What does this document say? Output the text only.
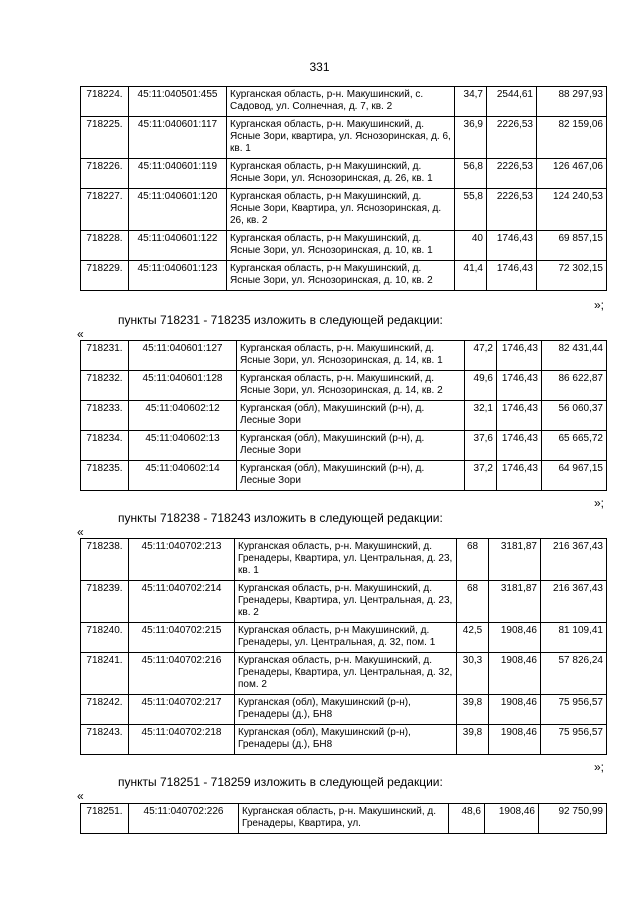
331
718224.	45:11:040501:455	Курганская область, р-н. Макушинский, с. Садовод, ул. Солнечная, д. 7, кв. 2	34,7	2544,61	88 297,93
718225.	45:11:040601:117	Курганская область, р-н. Макушинский, д. Ясные Зори, квартира, ул. Яснозоринская, д. 6, кв. 1	36,9	2226,53	82 159,06
718226.	45:11:040601:119	Курганская область, р-н Макушинский, д. Ясные Зори, ул. Яснозоринская, д. 26, кв. 1	56,8	2226,53	126 467,06
718227.	45:11:040601:120	Курганская область, р-н Макушинский, д. Ясные Зори, Квартира, ул. Яснозоринская, д. 26, кв. 2	55,8	2226,53	124 240,53
718228.	45:11:040601:122	Курганская область, р-н Макушинский, д. Ясные Зори, ул. Яснозоринская, д. 10, кв. 1	40	1746,43	69 857,15
718229.	45:11:040601:123	Курганская область, р-н Макушинский, д. Ясные Зори, ул. Яснозоринская, д. 10, кв. 2	41,4	1746,43	72 302,15
»;
пункты 718231 - 718235 изложить в следующей редакции:
«
718231.	45:11:040601:127	Курганская область, р-н. Макушинский, д. Ясные Зори, ул. Яснозоринская, д. 14, кв. 1	47,2	1746,43	82 431,44
718232.	45:11:040601:128	Курганская область, р-н. Макушинский, д. Ясные Зори, ул. Яснозоринская, д. 14, кв. 2	49,6	1746,43	86 622,87
718233.	45:11:040602:12	Курганская (обл), Макушинский (р-н), д. Лесные Зори	32,1	1746,43	56 060,37
718234.	45:11:040602:13	Курганская (обл), Макушинский (р-н), д. Лесные Зори	37,6	1746,43	65 665,72
718235.	45:11:040602:14	Курганская (обл), Макушинский (р-н), д. Лесные Зори	37,2	1746,43	64 967,15
»;
пункты 718238 - 718243 изложить в следующей редакции:
«
718238.	45:11:040702:213	Курганская область, р-н. Макушинский, д. Гренадеры, Квартира, ул. Центральная, д. 23, кв. 1	68	3181,87	216 367,43
718239.	45:11:040702:214	Курганская область, р-н. Макушинский, д. Гренадеры, Квартира, ул. Центральная, д. 23, кв. 2	68	3181,87	216 367,43
718240.	45:11:040702:215	Курганская область, р-н Макушинский, д. Гренадеры, ул. Центральная, д. 32, пом. 1	42,5	1908,46	81 109,41
718241.	45:11:040702:216	Курганская область, р-н. Макушинский, д. Гренадеры, Квартира, ул. Центральная, д. 32, пом. 2	30,3	1908,46	57 826,24
718242.	45:11:040702:217	Курганская (обл), Макушинский (р-н), Гренадеры (д.), БН8	39,8	1908,46	75 956,57
718243.	45:11:040702:218	Курганская (обл), Макушинский (р-н), Гренадеры (д.), БН8	39,8	1908,46	75 956,57
»;
пункты 718251 - 718259 изложить в следующей редакции:
«
718251.	45:11:040702:226	Курганская область, р-н. Макушинский, д. Гренадеры, Квартира, ул.	48,6	1908,46	92 750,99
